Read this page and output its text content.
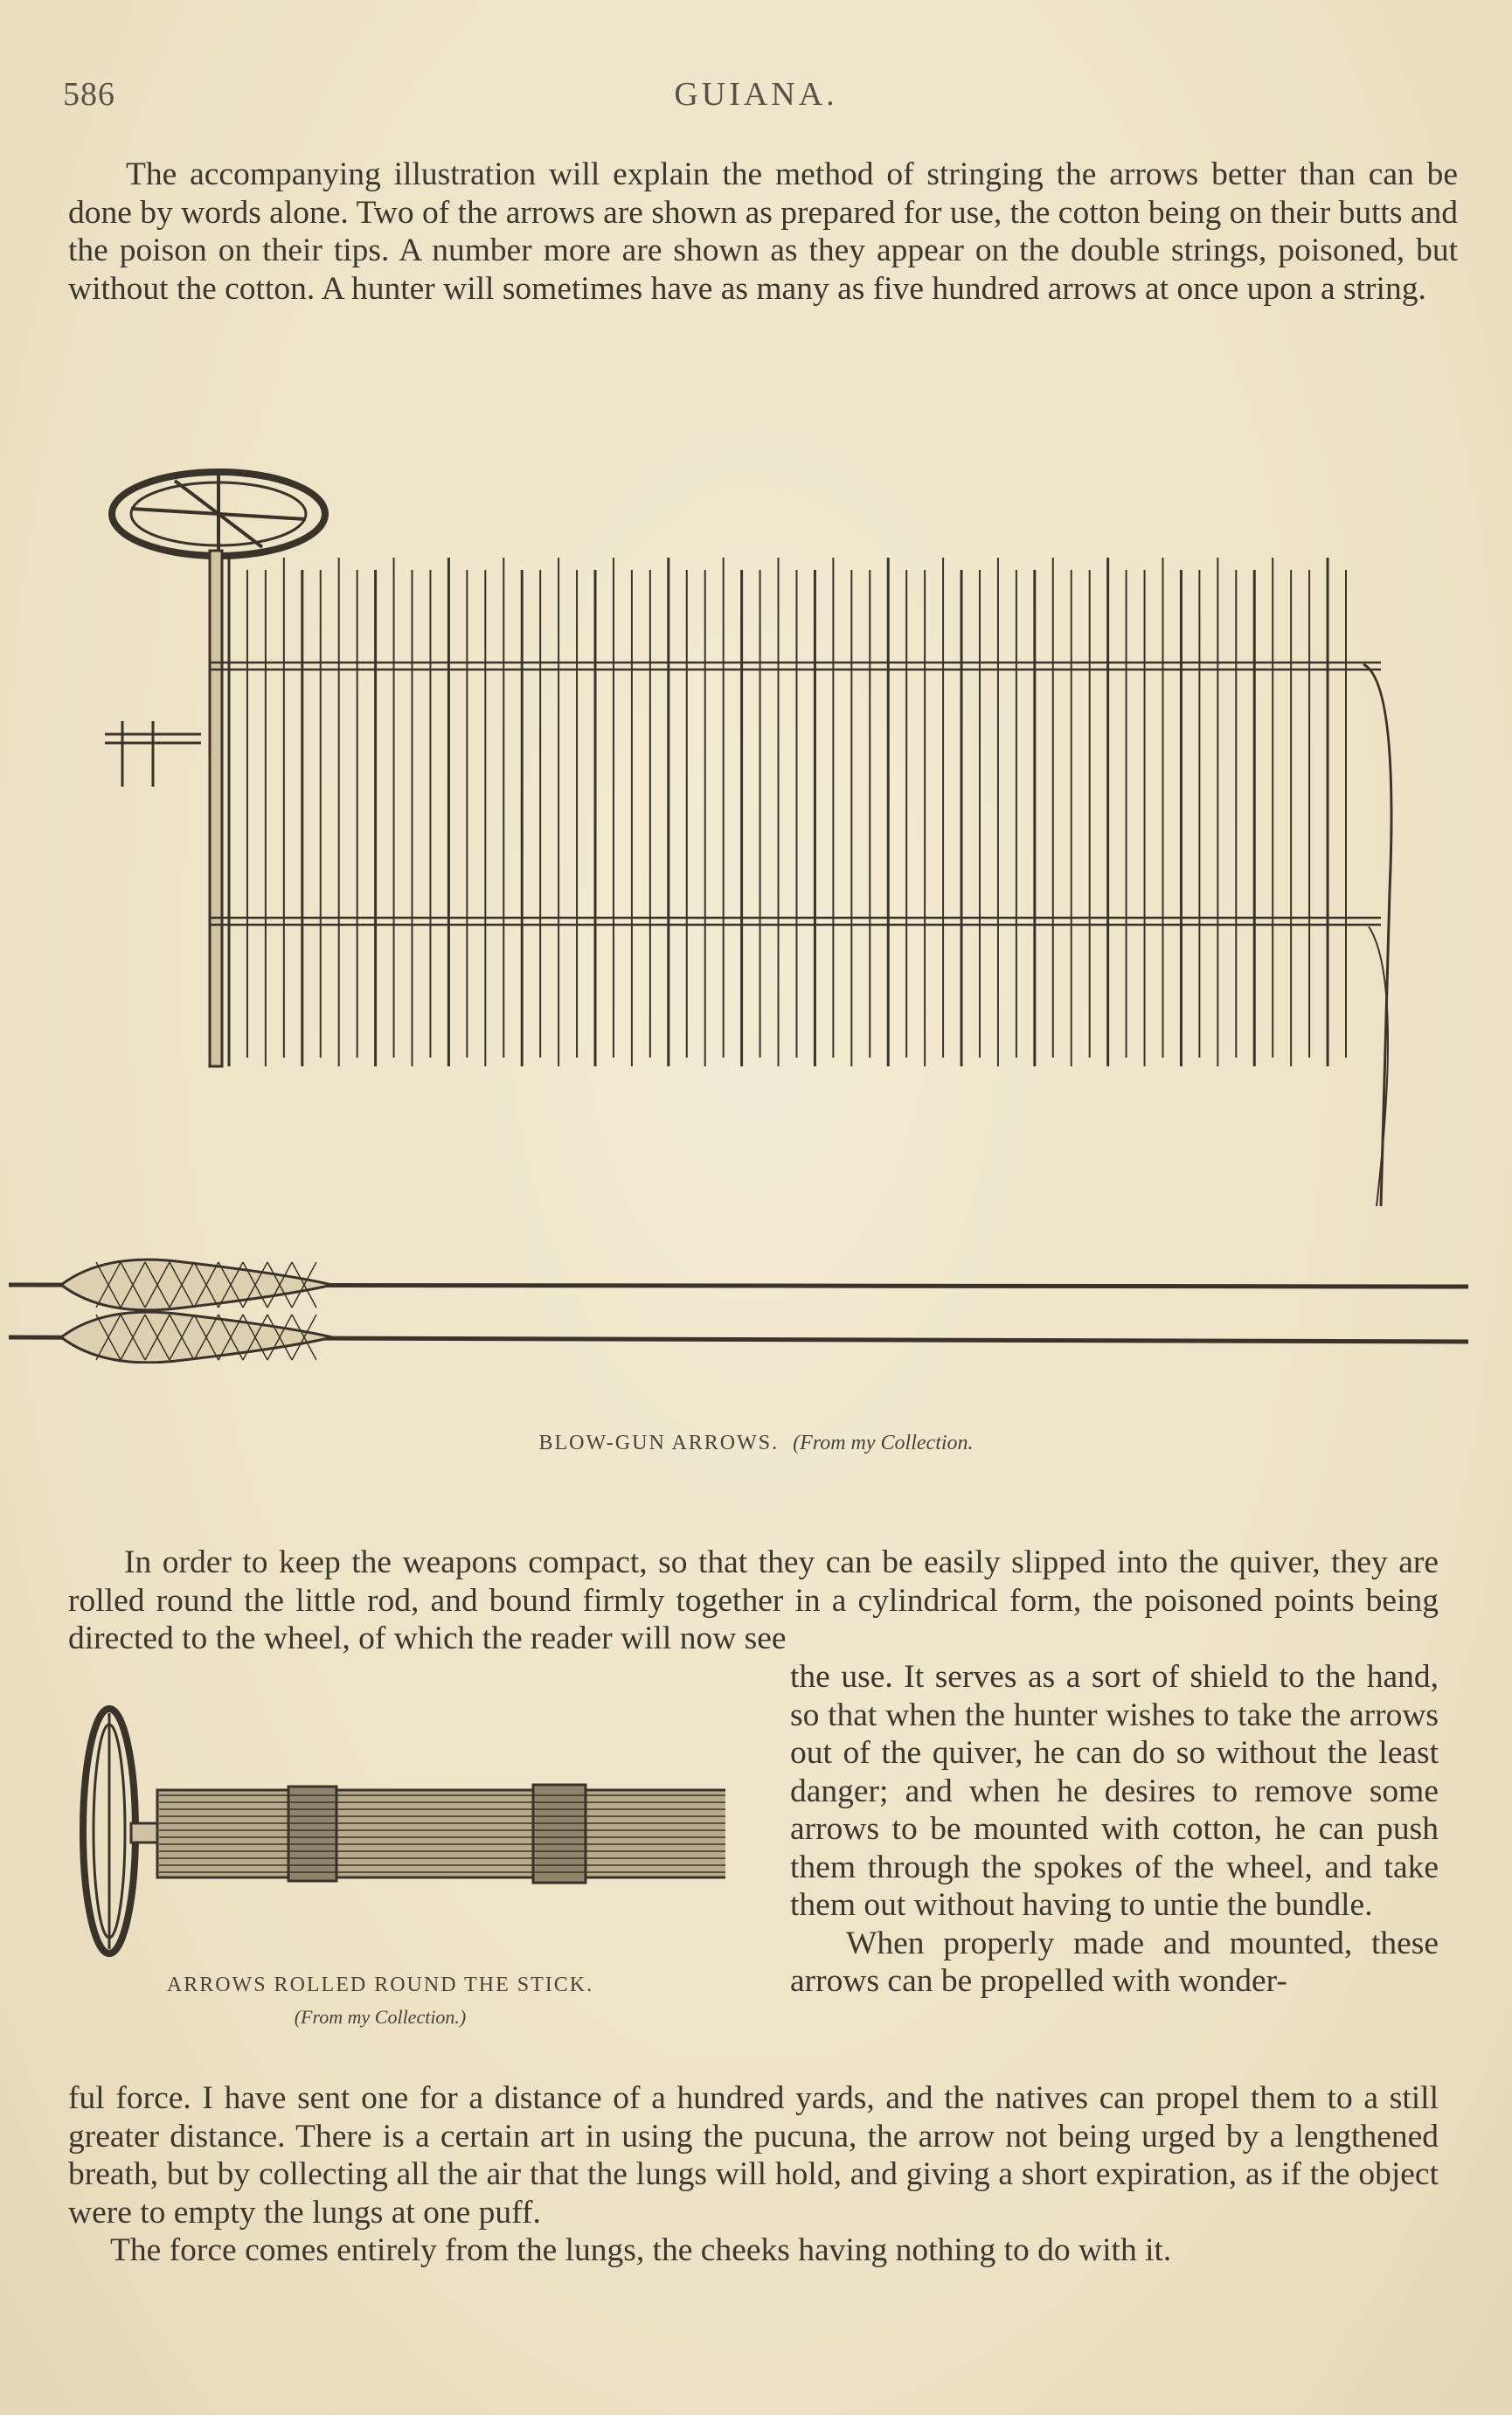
586	GUIANA.
The accompanying illustration will explain the method of stringing the arrows better than can be done by words alone. Two of the arrows are shown as prepared for use, the cotton being on their butts and the poison on their tips. A number more are shown as they appear on the double strings, poisoned, but without the cotton. A hunter will sometimes have as many as five hundred arrows at once upon a string.
BLOW-GUN ARROWS. (From my Collection.
In order to keep the weapons compact, so that they can be easily slipped into the quiver, they are rolled round the little rod, and bound firmly together in a cylindrical form, the poisoned points being directed to the wheel, of which the reader will now see
ARROWS ROLLED ROUND THE STICK.
(From my Collection.)
the use. It serves as a sort of shield to the hand, so that when the hunter wishes to take the arrows out of the quiver, he can do so without the least danger; and when he desires to remove some arrows to be mounted with cotton, he can push them through the spokes of the wheel, and take them out without having to untie the bundle.
When properly made and mounted, these arrows can be propelled with wonder-
ful force. I have sent one for a distance of a hundred yards, and the natives can propel them to a still greater distance. There is a certain art in using the pucuna, the arrow not being urged by a lengthened breath, but by collecting all the air that the lungs will hold, and giving a short expiration, as if the object were to empty the lungs at one puff.
The force comes entirely from the lungs, the cheeks having nothing to do with it.
